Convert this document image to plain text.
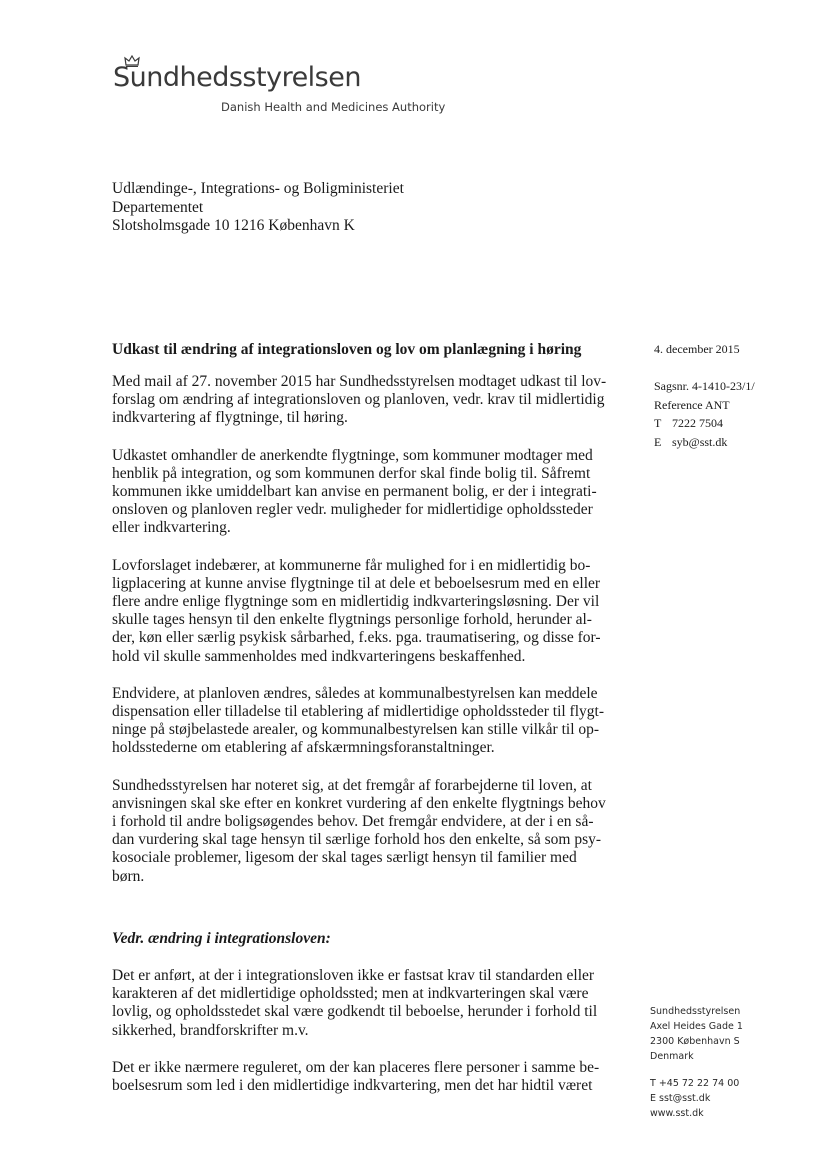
Sundhedsstyrelsen
Danish Health and Medicines Authority
Udlændinge-, Integrations- og Boligministeriet
Departementet
Slotsholmsgade 10 1216 København K
Udkast til ændring af integrationsloven og lov om planlægning i høring	4. december 2015
Sagsnr. 4-1410-23/1/
Reference ANT
T 7222 7504
E syb@sst.dk

Med mail af 27. november 2015 har Sundhedsstyrelsen modtaget udkast til lov-
forslag om ændring af integrationsloven og planloven, vedr. krav til midlertidig
indkvartering af flygtninge, til høring.

Udkastet omhandler de anerkendte flygtninge, som kommuner modtager med
henblik på integration, og som kommunen derfor skal finde bolig til. Såfremt
kommunen ikke umiddelbart kan anvise en permanent bolig, er der i integrati-
onsloven og planloven regler vedr. muligheder for midlertidige opholdssteder
eller indkvartering.

Lovforslaget indebærer, at kommunerne får mulighed for i en midlertidig bo-
ligplacering at kunne anvise flygtninge til at dele et beboelsesrum med en eller
flere andre enlige flygtninge som en midlertidig indkvarteringsløsning. Der vil
skulle tages hensyn til den enkelte flygtnings personlige forhold, herunder al-
der, køn eller særlig psykisk sårbarhed, f.eks. pga. traumatisering, og disse for-
hold vil skulle sammenholdes med indkvarteringens beskaffenhed.

Endvidere, at planloven ændres, således at kommunalbestyrelsen kan meddele
dispensation eller tilladelse til etablering af midlertidige opholdssteder til flygt-
ninge på støjbelastede arealer, og kommunalbestyrelsen kan stille vilkår til op-
holdsstederne om etablering af afskærmningsforanstaltninger.

Sundhedsstyrelsen har noteret sig, at det fremgår af forarbejderne til loven, at
anvisningen skal ske efter en konkret vurdering af den enkelte flygtnings behov
i forhold til andre boligsøgendes behov. Det fremgår endvidere, at der i en så-
dan vurdering skal tage hensyn til særlige forhold hos den enkelte, så som psy-
kosociale problemer, ligesom der skal tages særligt hensyn til familier med
børn.

Vedr. ændring i integrationsloven:

Det er anført, at der i integrationsloven ikke er fastsat krav til standarden eller
karakteren af det midlertidige opholdssted; men at indkvarteringen skal være
lovlig, og opholdsstedet skal være godkendt til beboelse, herunder i forhold til
sikkerhed, brandforskrifter m.v.

Det er ikke nærmere reguleret, om der kan placeres flere personer i samme be-
boelsesrum som led i den midlertidige indkvartering, men det har hidtil været

Sundhedsstyrelsen
Axel Heides Gade 1
2300 København S
Denmark
T +45 72 22 74 00
E sst@sst.dk
www.sst.dk
